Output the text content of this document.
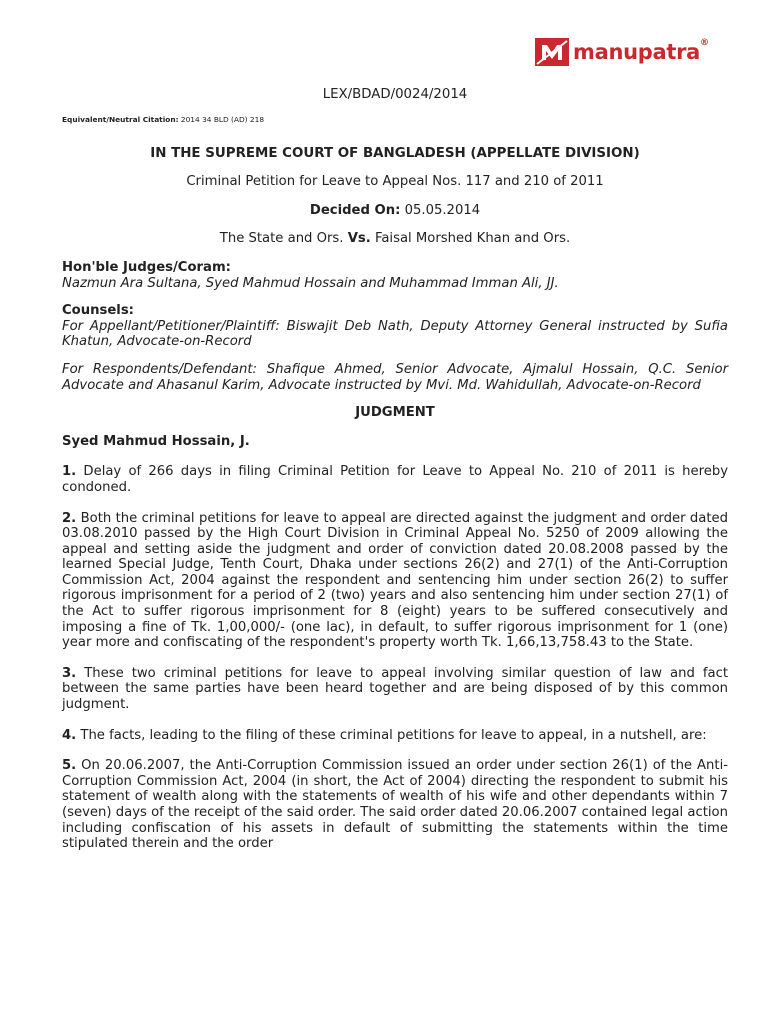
manupatra ®

LEX/BDAD/0024/2014

Equivalent/Neutral Citation: 2014 34 BLD (AD) 218

IN THE SUPREME COURT OF BANGLADESH (APPELLATE DIVISION)

Criminal Petition for Leave to Appeal Nos. 117 and 210 of 2011

Decided On: 05.05.2014

The State and Ors. Vs. Faisal Morshed Khan and Ors.

Hon'ble Judges/Coram:

Nazmun Ara Sultana, Syed Mahmud Hossain and Muhammad Imman Ali, JJ.

Counsels:

For Appellant/Petitioner/Plaintiff: Biswajit Deb Nath, Deputy Attorney General instructed by Sufia Khatun, Advocate-on-Record

For Respondents/Defendant: Shafique Ahmed, Senior Advocate, Ajmalul Hossain, Q.C. Senior Advocate and Ahasanul Karim, Advocate instructed by Mvi. Md. Wahidullah, Advocate-on-Record

JUDGMENT

Syed Mahmud Hossain, J.

1. Delay of 266 days in filing Criminal Petition for Leave to Appeal No. 210 of 2011 is hereby condoned.

2. Both the criminal petitions for leave to appeal are directed against the judgment and order dated 03.08.2010 passed by the High Court Division in Criminal Appeal No. 5250 of 2009 allowing the appeal and setting aside the judgment and order of conviction dated 20.08.2008 passed by the learned Special Judge, Tenth Court, Dhaka under sections 26(2) and 27(1) of the Anti-Corruption Commission Act, 2004 against the respondent and sentencing him under section 26(2) to suffer rigorous imprisonment for a period of 2 (two) years and also sentencing him under section 27(1) of the Act to suffer rigorous imprisonment for 8 (eight) years to be suffered consecutively and imposing a fine of Tk. 1,00,000/- (one lac), in default, to suffer rigorous imprisonment for 1 (one) year more and confiscating of the respondent's property worth Tk. 1,66,13,758.43 to the State.

3. These two criminal petitions for leave to appeal involving similar question of law and fact between the same parties have been heard together and are being disposed of by this common judgment.

4. The facts, leading to the filing of these criminal petitions for leave to appeal, in a nutshell, are:

5. On 20.06.2007, the Anti-Corruption Commission issued an order under section 26(1) of the Anti-Corruption Commission Act, 2004 (in short, the Act of 2004) directing the respondent to submit his statement of wealth along with the statements of wealth of his wife and other dependants within 7 (seven) days of the receipt of the said order. The said order dated 20.06.2007 contained legal action including confiscation of his assets in default of submitting the statements within the time stipulated therein and the order
